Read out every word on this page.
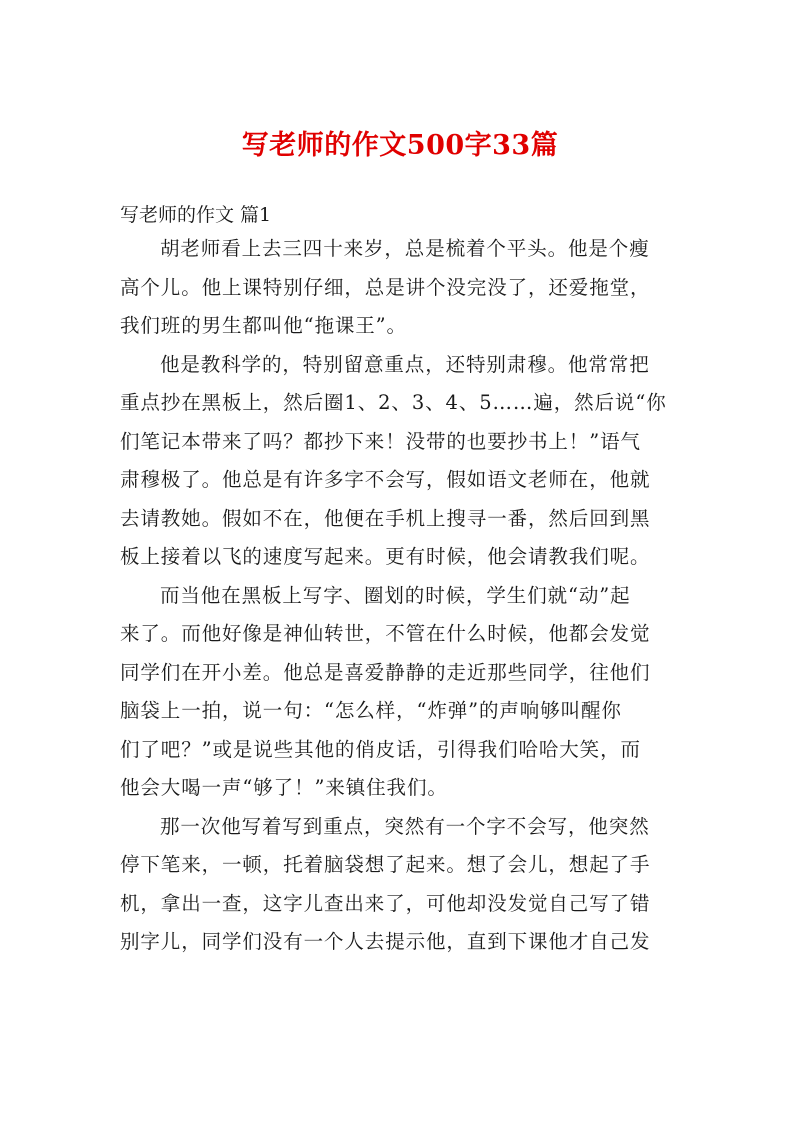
写老师的作文500字33篇
写老师的作文 篇1

胡老师看上去三四十来岁，总是梳着个平头。他是个瘦
高个儿。他上课特别仔细，总是讲个没完没了，还爱拖堂，
我们班的男生都叫他“拖课王”。

他是教科学的，特别留意重点，还特别肃穆。他常常把
重点抄在黑板上，然后圈1、2、3、4、5……遍，然后说“你
们笔记本带来了吗？都抄下来！没带的也要抄书上！”语气
肃穆极了。他总是有许多字不会写，假如语文老师在，他就
去请教她。假如不在，他便在手机上搜寻一番，然后回到黑
板上接着以飞的速度写起来。更有时候，他会请教我们呢。

而当他在黑板上写字、圈划的时候，学生们就“动”起
来了。而他好像是神仙转世，不管在什么时候，他都会发觉
同学们在开小差。他总是喜爱静静的走近那些同学，往他们
脑袋上一拍，说一句：“怎么样，“炸弹”的声响够叫醒你
们了吧？”或是说些其他的俏皮话，引得我们哈哈大笑，而
他会大喝一声“够了！”来镇住我们。

那一次他写着写到重点，突然有一个字不会写，他突然
停下笔来，一顿，托着脑袋想了起来。想了会儿，想起了手
机，拿出一查，这字儿查出来了，可他却没发觉自己写了错
别字儿，同学们没有一个人去提示他，直到下课他才自己发
